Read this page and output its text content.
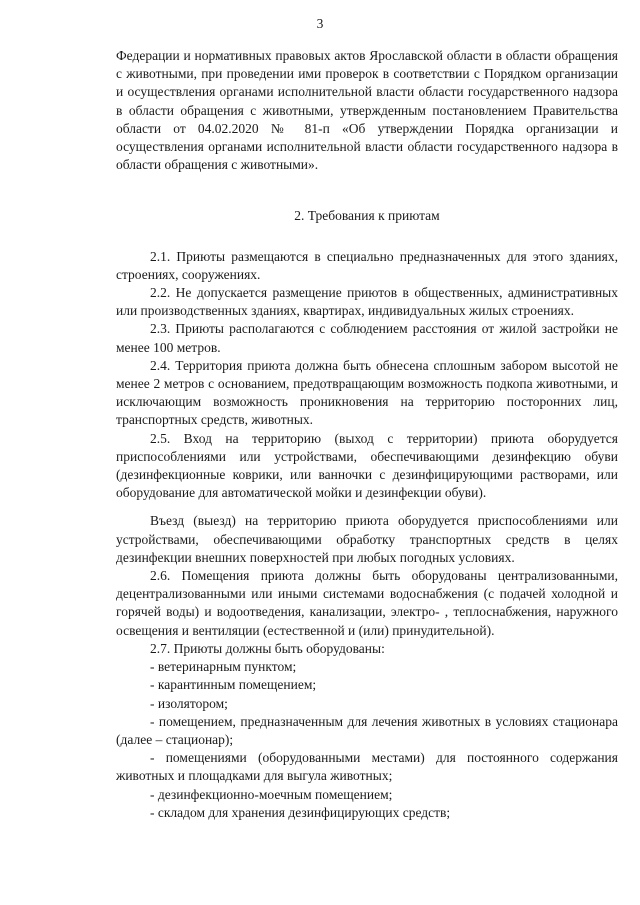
3

Федерации и нормативных правовых актов Ярославской области в области обращения с животными, при проведении ими проверок в соответствии с Порядком организации и осуществления органами исполнительной власти области государственного надзора в области обращения с животными, утвержденным постановлением Правительства области от 04.02.2020 № 81-п «Об утверждении Порядка организации и осуществления органами исполнительной власти области государственного надзора в области обращения с животными».

2. Требования к приютам

2.1. Приюты размещаются в специально предназначенных для этого зданиях, строениях, сооружениях.

2.2. Не допускается размещение приютов в общественных, административных или производственных зданиях, квартирах, индивидуальных жилых строениях.

2.3. Приюты располагаются с соблюдением расстояния от жилой застройки не менее 100 метров.

2.4. Территория приюта должна быть обнесена сплошным забором высотой не менее 2 метров с основанием, предотвращающим возможность подкопа животными, и исключающим возможность проникновения на территорию посторонних лиц, транспортных средств, животных.

2.5. Вход на территорию (выход с территории) приюта оборудуется приспособлениями или устройствами, обеспечивающими дезинфекцию обуви (дезинфекционные коврики, или ванночки с дезинфицирующими растворами, или оборудование для автоматической мойки и дезинфекции обуви).

Въезд (выезд) на территорию приюта оборудуется приспособлениями или устройствами, обеспечивающими обработку транспортных средств в целях дезинфекции внешних поверхностей при любых погодных условиях.

2.6. Помещения приюта должны быть оборудованы централизованными, децентрализованными или иными системами водоснабжения (с подачей холодной и горячей воды) и водоотведения, канализации, электро- , теплоснабжения, наружного освещения и вентиляции (естественной и (или) принудительной).

2.7. Приюты должны быть оборудованы:

- ветеринарным пунктом;

- карантинным помещением;

- изолятором;

- помещением, предназначенным для лечения животных в условиях стационара (далее – стационар);

- помещениями (оборудованными местами) для постоянного содержания животных и площадками для выгула животных;

- дезинфекционно-моечным помещением;

- складом для хранения дезинфицирующих средств;
